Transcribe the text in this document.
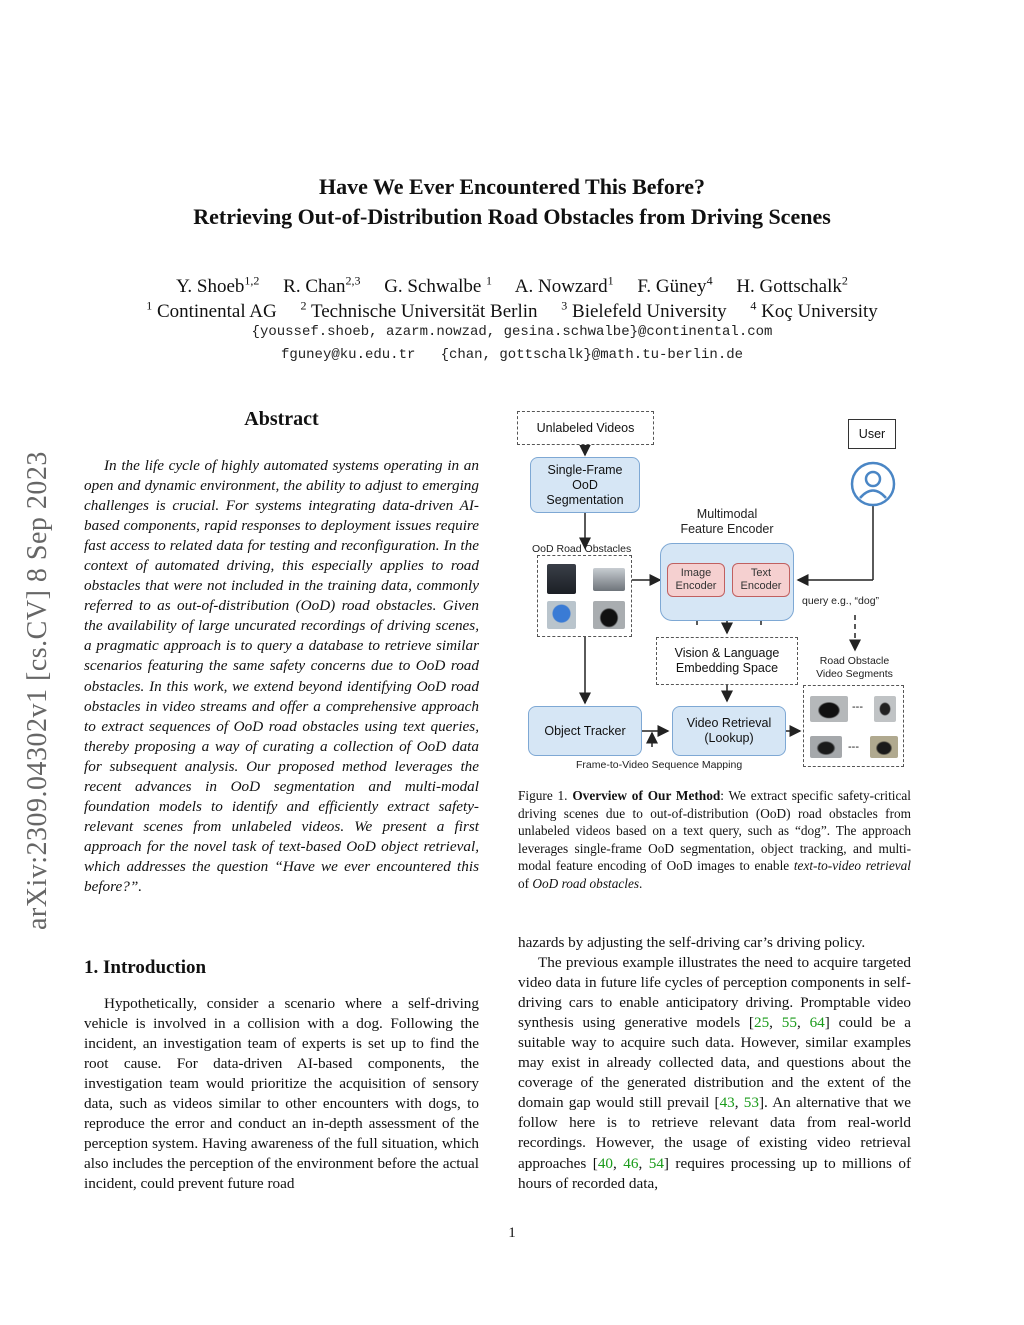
Have We Ever Encountered This Before?
Retrieving Out-of-Distribution Road Obstacles from Driving Scenes
Y. Shoeb$^{1,2}$ R. Chan$^{2,3}$ G. Schwalbe $^1$ A. Nowzard$^1$ F. Güney$^4$ H. Gottschalk$^2$
$^1$ Continental AG $^2$ Technische Universität Berlin $^3$ Bielefeld University $^4$ Koç University
{youssef.shoeb, azarm.nowzad, gesina.schwalbe}@continental.com
fguney@ku.edu.tr   {chan, gottschalk}@math.tu-berlin.de
arXiv:2309.04302v1 [cs.CV] 8 Sep 2023
Abstract

In the life cycle of highly automated systems operating in an open and dynamic environment, the ability to adjust to emerging challenges is crucial. For systems integrating data-driven AI-based components, rapid responses to deployment issues require fast access to related data for testing and reconfiguration. In the context of automated driving, this especially applies to road obstacles that were not included in the training data, commonly referred to as out-of-distribution (OoD) road obstacles. Given the availability of large uncurated recordings of driving scenes, a pragmatic approach is to query a database to retrieve similar scenarios featuring the same safety concerns due to OoD road obstacles. In this work, we extend beyond identifying OoD road obstacles in video streams and offer a comprehensive approach to extract sequences of OoD road obstacles using text queries, thereby proposing a way of curating a collection of OoD data for subsequent analysis. Our proposed method leverages the recent advances in OoD segmentation and multi-modal foundation models to identify and efficiently extract safety-relevant scenes from unlabeled videos. We present a first approach for the novel task of text-based OoD object retrieval, which addresses the question “Have we ever encountered this before?”.

1. Introduction

Hypothetically, consider a scenario where a self-driving vehicle is involved in a collision with a dog. Following the incident, an investigation team of experts is set up to find the root cause. For data-driven AI-based components, the investigation team would prioritize the acquisition of sensory data, such as videos similar to other encounters with dogs, to reproduce the error and conduct an in-depth assessment of the perception system. Having awareness of the full situation, which also includes the perception of the environment before the actual incident, could prevent future road

Unlabeled Videos
Single-Frame
OoD
Segmentation
OoD Road Obstacles
Multimodal
Feature Encoder
Image
Encoder
Text
Encoder
User
query e.g., “dog”
Vision & Language
Embedding Space	Road Obstacle
Video Segments
---
---
Object Tracker
Video Retrieval
(Lookup)
Frame-to-Video Sequence Mapping
Figure 1. Overview of Our Method: We extract specific safety-critical driving scenes due to out-of-distribution (OoD) road obstacles from unlabeled videos based on a text query, such as “dog”. The approach leverages single-frame OoD segmentation, object tracking, and multi-modal feature encoding of OoD images to enable text-to-video retrieval of OoD road obstacles.

hazards by adjusting the self-driving car’s driving policy.

The previous example illustrates the need to acquire targeted video data in future life cycles of perception components in self-driving cars to enable anticipatory driving. Promptable video synthesis using generative models [25, 55, 64] could be a suitable way to acquire such data. However, similar examples may exist in already collected data, and questions about the coverage of the generated distribution and the extent of the domain gap would still prevail [43, 53]. An alternative that we follow here is to retrieve relevant data from real-world recordings. However, the usage of existing video retrieval approaches [40, 46, 54] requires processing up to millions of hours of recorded data,

1
